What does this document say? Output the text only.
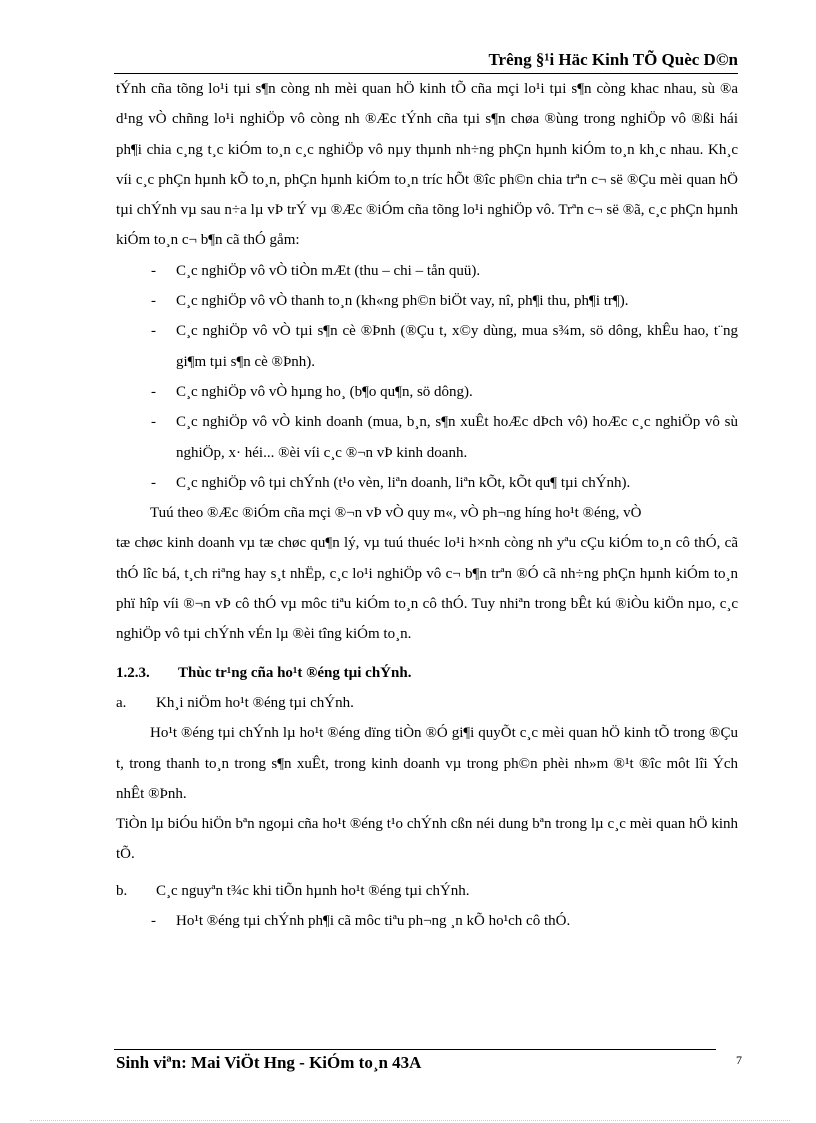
Trêng §¹i Häc Kinh TÕ Quèc D©n

tÝnh cña tõng lo¹i tµi s¶n còng nh mèi quan hÖ kinh tÕ cña mçi lo¹i tµi s¶n còng khac nhau, sù ®a d¹ng vÒ chñng lo¹i nghiÖp vô còng nh ®Æc tÝnh cña tµi s¶n chøa ®ùng trong nghiÖp vô ®ßi hái ph¶i chia c¸ng t¸c kiÓm to¸n c¸c nghiÖp vô nµy thµnh nh÷ng phÇn hµnh kiÓm to¸n kh¸c nhau. Kh¸c víi c¸c phÇn hµnh kÕ to¸n, phÇn hµnh kiÓm to¸n tríc hÕt ®îc ph©n chia trªn c¬ së ®Çu mèi quan hÖ tµi chÝnh vµ sau n÷a lµ vÞ trÝ vµ ®Æc ®iÓm cña tõng lo¹i nghiÖp vô. Trªn c¬ së ®ã, c¸c phÇn hµnh kiÓm to¸n c¬ b¶n cã thÓ gåm:

- C¸c nghiÖp vô vÒ tiÒn mÆt (thu – chi – tån quü).

- C¸c nghiÖp vô vÒ thanh to¸n (kh«ng ph©n biÖt vay, nî, ph¶i thu, ph¶i tr¶).

- C¸c nghiÖp vô vÒ tµi s¶n cè ®Þnh (®Çu t, x©y dùng, mua s¾m, sö dông, khÊu hao, t¨ng gi¶m tµi s¶n cè ®Þnh).

- C¸c nghiÖp vô vÒ hµng ho¸ (b¶o qu¶n, sö dông).

- C¸c nghiÖp vô vÒ kinh doanh (mua, b¸n, s¶n xuÊt hoÆc dÞch vô) hoÆc c¸c nghiÖp vô sù nghiÖp, x· héi... ®èi víi c¸c ®¬n vÞ kinh doanh.

- C¸c nghiÖp vô tµi chÝnh (t¹o vèn, liªn doanh, liªn kÕt, kÕt qu¶ tµi chÝnh).

Tuú theo ®Æc ®iÓm cña mçi ®¬n vÞ vÒ quy m«, vÒ ph¬ng híng ho¹t ®éng, vÒ

tæ chøc kinh doanh vµ tæ chøc qu¶n lý, vµ tuú thuéc lo¹i h×nh còng nh yªu cÇu kiÓm to¸n cô thÓ, cã thÓ lîc bá, t¸ch riªng hay s¸t nhËp, c¸c lo¹i nghiÖp vô c¬ b¶n trªn ®Ó cã nh÷ng phÇn hµnh kiÓm to¸n phï hîp víi ®¬n vÞ cô thÓ vµ môc tiªu kiÓm to¸n cô thÓ. Tuy nhiªn trong bÊt kú ®iÒu kiÖn nµo, c¸c nghiÖp vô tµi chÝnh vÉn lµ ®èi tîng kiÓm to¸n.

1.2.3. Thùc tr¹ng cña ho¹t ®éng tµi chÝnh.

a. Kh¸i niÖm ho¹t ®éng tµi chÝnh.

Ho¹t ®éng tµi chÝnh lµ ho¹t ®éng dïng tiÒn ®Ó gi¶i quyÕt c¸c mèi quan hÖ kinh tÕ trong ®Çu t, trong thanh to¸n trong s¶n xuÊt, trong kinh doanh vµ trong ph©n phèi nh»m ®¹t ®îc môt lîi Ých nhÊt ®Þnh.

TiÒn lµ biÓu hiÖn bªn ngoµi cña ho¹t ®éng t¹o chÝnh cßn néi dung bªn trong lµ c¸c mèi quan hÖ kinh tÕ.

b. C¸c nguyªn t¾c khi tiÕn hµnh ho¹t ®éng tµi chÝnh.

- Ho¹t ®éng tµi chÝnh ph¶i cã môc tiªu ph¬ng ¸n kÕ ho¹ch cô thÓ.

Sinh viªn: Mai ViÖt Hng - KiÓm to¸n 43A	7
